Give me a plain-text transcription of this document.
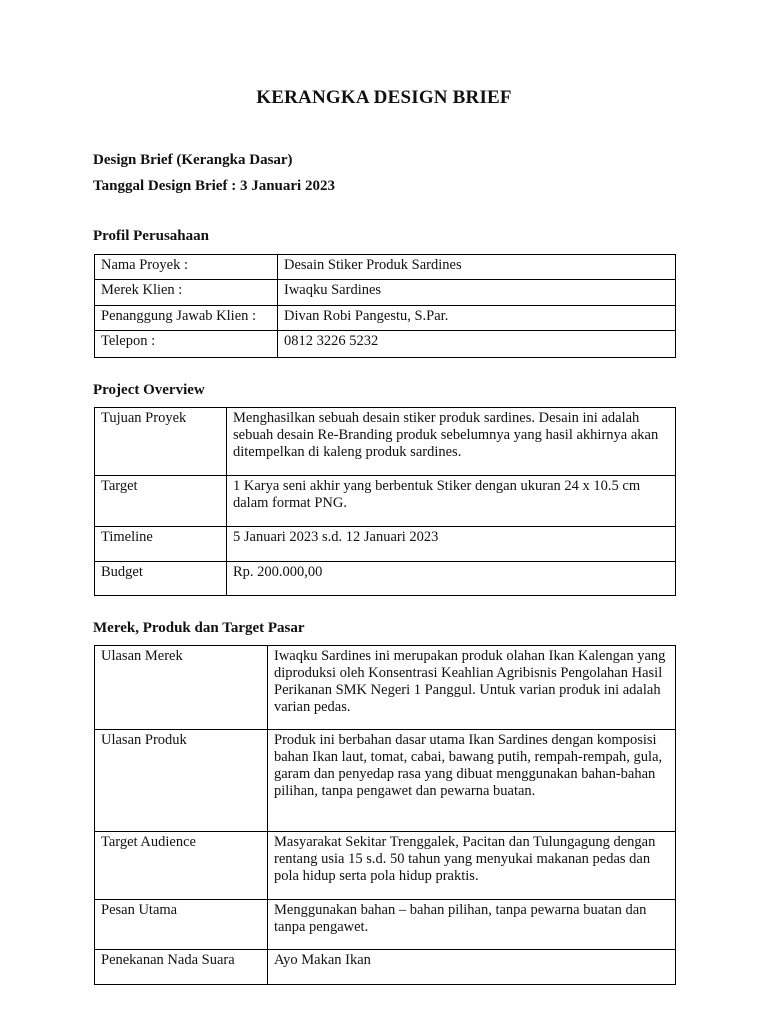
KERANGKA DESIGN BRIEF
Design Brief (Kerangka Dasar)
Tanggal Design Brief : 3 Januari 2023
Profil Perusahaan
Nama Proyek :	Desain Stiker Produk Sardines
Merek Klien :	Iwaqku Sardines
Penanggung Jawab Klien :	Divan Robi Pangestu, S.Par.
Telepon :	0812 3226 5232
Project Overview
Tujuan Proyek	Menghasilkan sebuah desain stiker produk sardines. Desain ini adalah sebuah desain Re-Branding produk sebelumnya yang hasil akhirnya akan ditempelkan di kaleng produk sardines.
Target	1 Karya seni akhir yang berbentuk Stiker dengan ukuran 24 x 10.5 cm dalam format PNG.
Timeline	5 Januari 2023 s.d. 12 Januari 2023
Budget	Rp. 200.000,00
Merek, Produk dan Target Pasar
Ulasan Merek	Iwaqku Sardines ini merupakan produk olahan Ikan Kalengan yang diproduksi oleh Konsentrasi Keahlian Agribisnis Pengolahan Hasil Perikanan SMK Negeri 1 Panggul. Untuk varian produk ini adalah varian pedas.
Ulasan Produk	Produk ini berbahan dasar utama Ikan Sardines dengan komposisi bahan Ikan laut, tomat, cabai, bawang putih, rempah-rempah, gula, garam dan penyedap rasa yang dibuat menggunakan bahan-bahan pilihan, tanpa pengawet dan pewarna buatan.
Target Audience	Masyarakat Sekitar Trenggalek, Pacitan dan Tulungagung dengan rentang usia 15 s.d. 50 tahun yang menyukai makanan pedas dan pola hidup serta pola hidup praktis.
Pesan Utama	Menggunakan bahan – bahan pilihan, tanpa pewarna buatan dan tanpa pengawet.
Penekanan Nada Suara	Ayo Makan Ikan
